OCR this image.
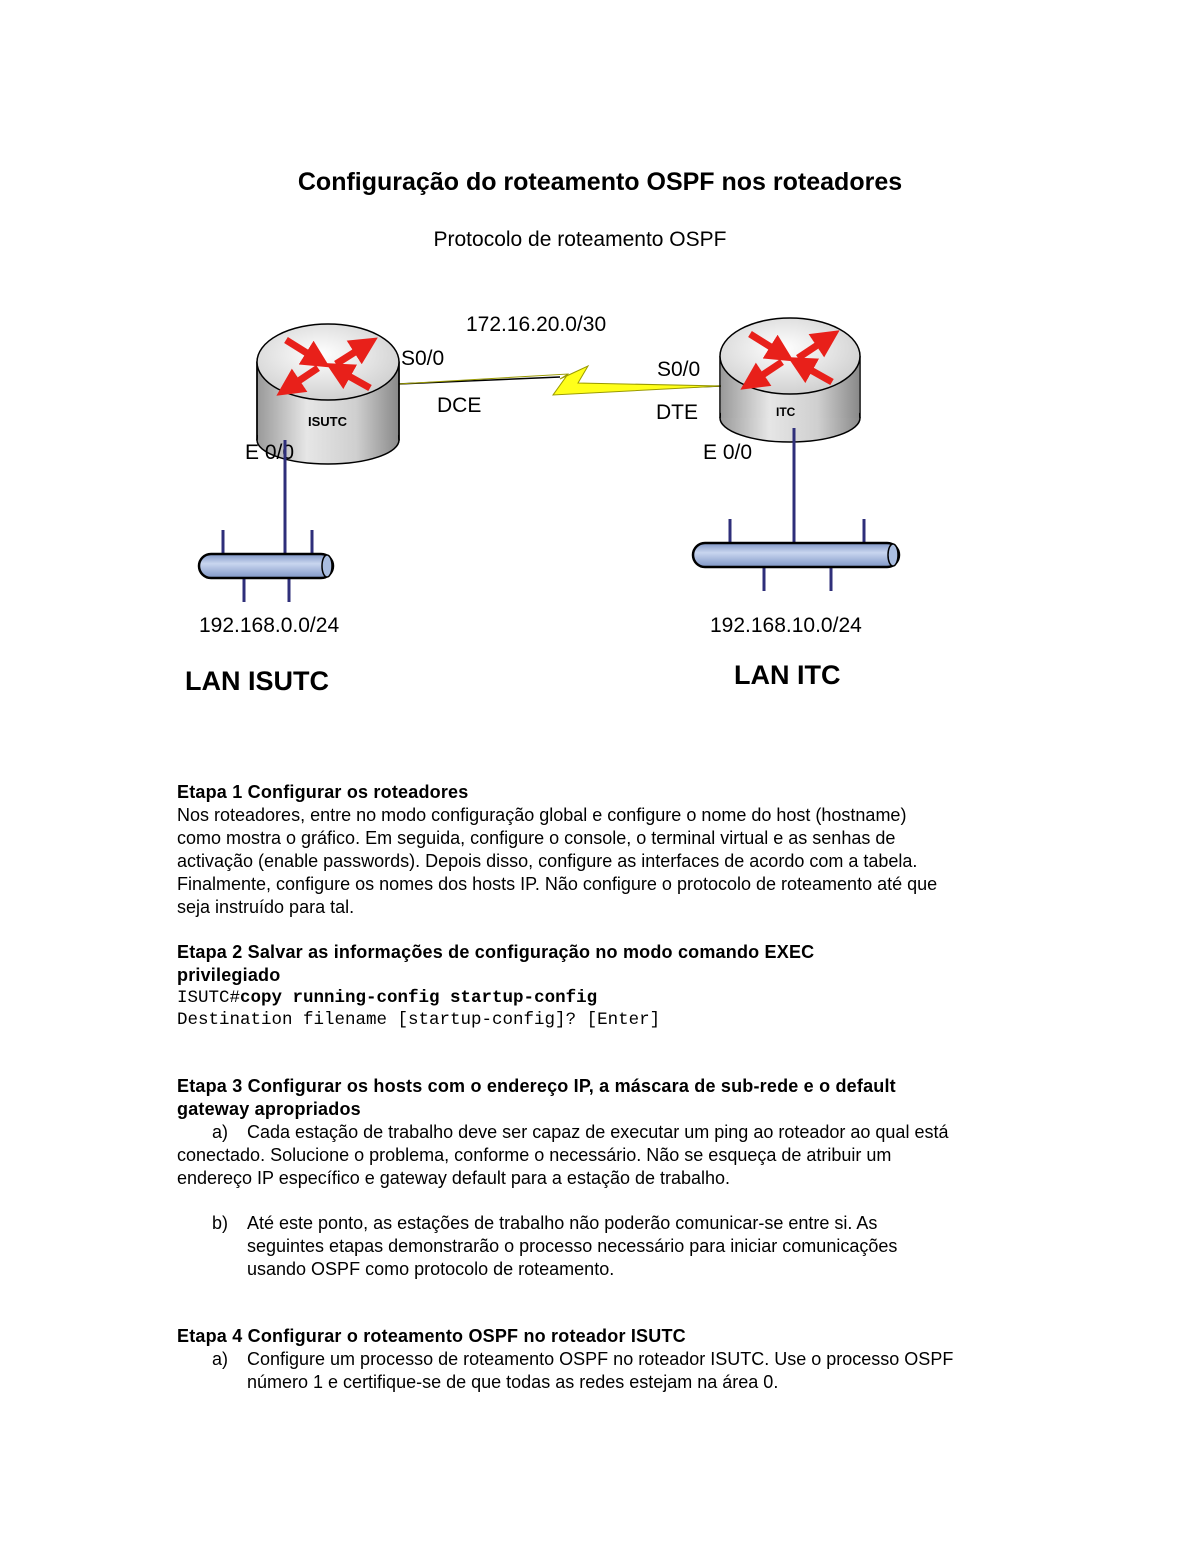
Configuração do roteamento OSPF nos roteadores
Protocolo de roteamento OSPF
ISUTC
ITC
S0/0
DCE
172.16.20.0/30
S0/0
DTE
E 0/0	E 0/0
192.168.0.0/24	192.168.10.0/24
LAN ISUTC	LAN ITC
Etapa 1 Configurar os roteadores
Nos roteadores, entre no modo configuração global e configure o nome do host (hostname)
como mostra o gráfico. Em seguida, configure o console, o terminal virtual e as senhas de
activação (enable passwords). Depois disso, configure as interfaces de acordo com a tabela.
Finalmente, configure os nomes dos hosts IP. Não configure o protocolo de roteamento até que
seja instruído para tal.
Etapa 2 Salvar as informações de configuração no modo comando EXEC
privilegiado
ISUTC#copy running-config startup-config
Destination filename [startup-config]? [Enter]
Etapa 3 Configurar os hosts com o endereço IP, a máscara de sub-rede e o default
gateway apropriados
a) Cada estação de trabalho deve ser capaz de executar um ping ao roteador ao qual está
conectado. Solucione o problema, conforme o necessário. Não se esqueça de atribuir um
endereço IP específico e gateway default para a estação de trabalho.
b)	Até este ponto, as estações de trabalho não poderão comunicar-se entre si. As
seguintes etapas demonstrarão o processo necessário para iniciar comunicações
usando OSPF como protocolo de roteamento.
Etapa 4 Configurar o roteamento OSPF no roteador ISUTC
a)	Configure um processo de roteamento OSPF no roteador ISUTC. Use o processo OSPF
número 1 e certifique-se de que todas as redes estejam na área 0.
